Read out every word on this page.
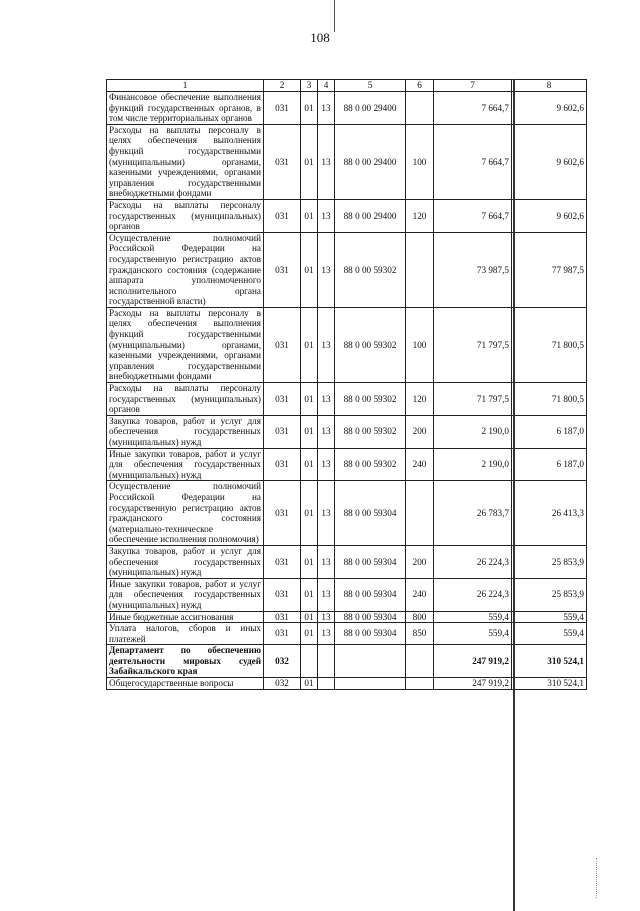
108
1	2	3	4	5	6	7	8
Финансовое обеспечение выполнения функций государственных органов, в том числе территориальных органов	031	01	13	88 0 00 29400		7 664,7	9 602,6
Расходы на выплаты персоналу в целях обеспечения выполнения функций государственными (муниципальными) органами, казенными учреждениями, органами управления государственными внебюджетными фондами	031	01	13	88 0 00 29400	100	7 664,7	9 602,6
Расходы на выплаты персоналу государственных (муниципальных) органов	031	01	13	88 0 00 29400	120	7 664,7	9 602,6
Осуществление полномочий Российской Федерации на государственную регистрацию актов гражданского состояния (содержание аппарата уполномоченного исполнительного органа государственной власти)	031	01	13	88 0 00 59302		73 987,5	77 987,5
Расходы на выплаты персоналу в целях обеспечения выполнения функций государственными (муниципальными) органами, казенными учреждениями, органами управления государственными внебюджетными фондами	031	01	13	88 0 00 59302	100	71 797,5	71 800,5
Расходы на выплаты персоналу государственных (муниципальных) органов	031	01	13	88 0 00 59302	120	71 797,5	71 800,5
Закупка товаров, работ и услуг для обеспечения государственных (муниципальных) нужд	031	01	13	88 0 00 59302	200	2 190,0	6 187,0
Иные закупки товаров, работ и услуг для обеспечения государственных (муниципальных) нужд	031	01	13	88 0 00 59302	240	2 190,0	6 187,0
Осуществление полномочий Российской Федерации на государственную регистрацию актов гражданского состояния (материально-техническое обеспечение исполнения полномочия)	031	01	13	88 0 00 59304		26 783,7	26 413,3
Закупка товаров, работ и услуг для обеспечения государственных (муниципальных) нужд	031	01	13	88 0 00 59304	200	26 224,3	25 853,9
Иные закупки товаров, работ и услуг для обеспечения государственных (муниципальных) нужд	031	01	13	88 0 00 59304	240	26 224,3	25 853,9
Иные бюджетные ассигнования	031	01	13	88 0 00 59304	800	559,4	559,4
Уплата налогов, сборов и иных платежей	031	01	13	88 0 00 59304	850	559,4	559,4
Департамент по обеспечению деятельности мировых судей Забайкальского края	032					247 919,2	310 524,1
Общегосударственные вопросы	032	01				247 919,2	310 524,1
